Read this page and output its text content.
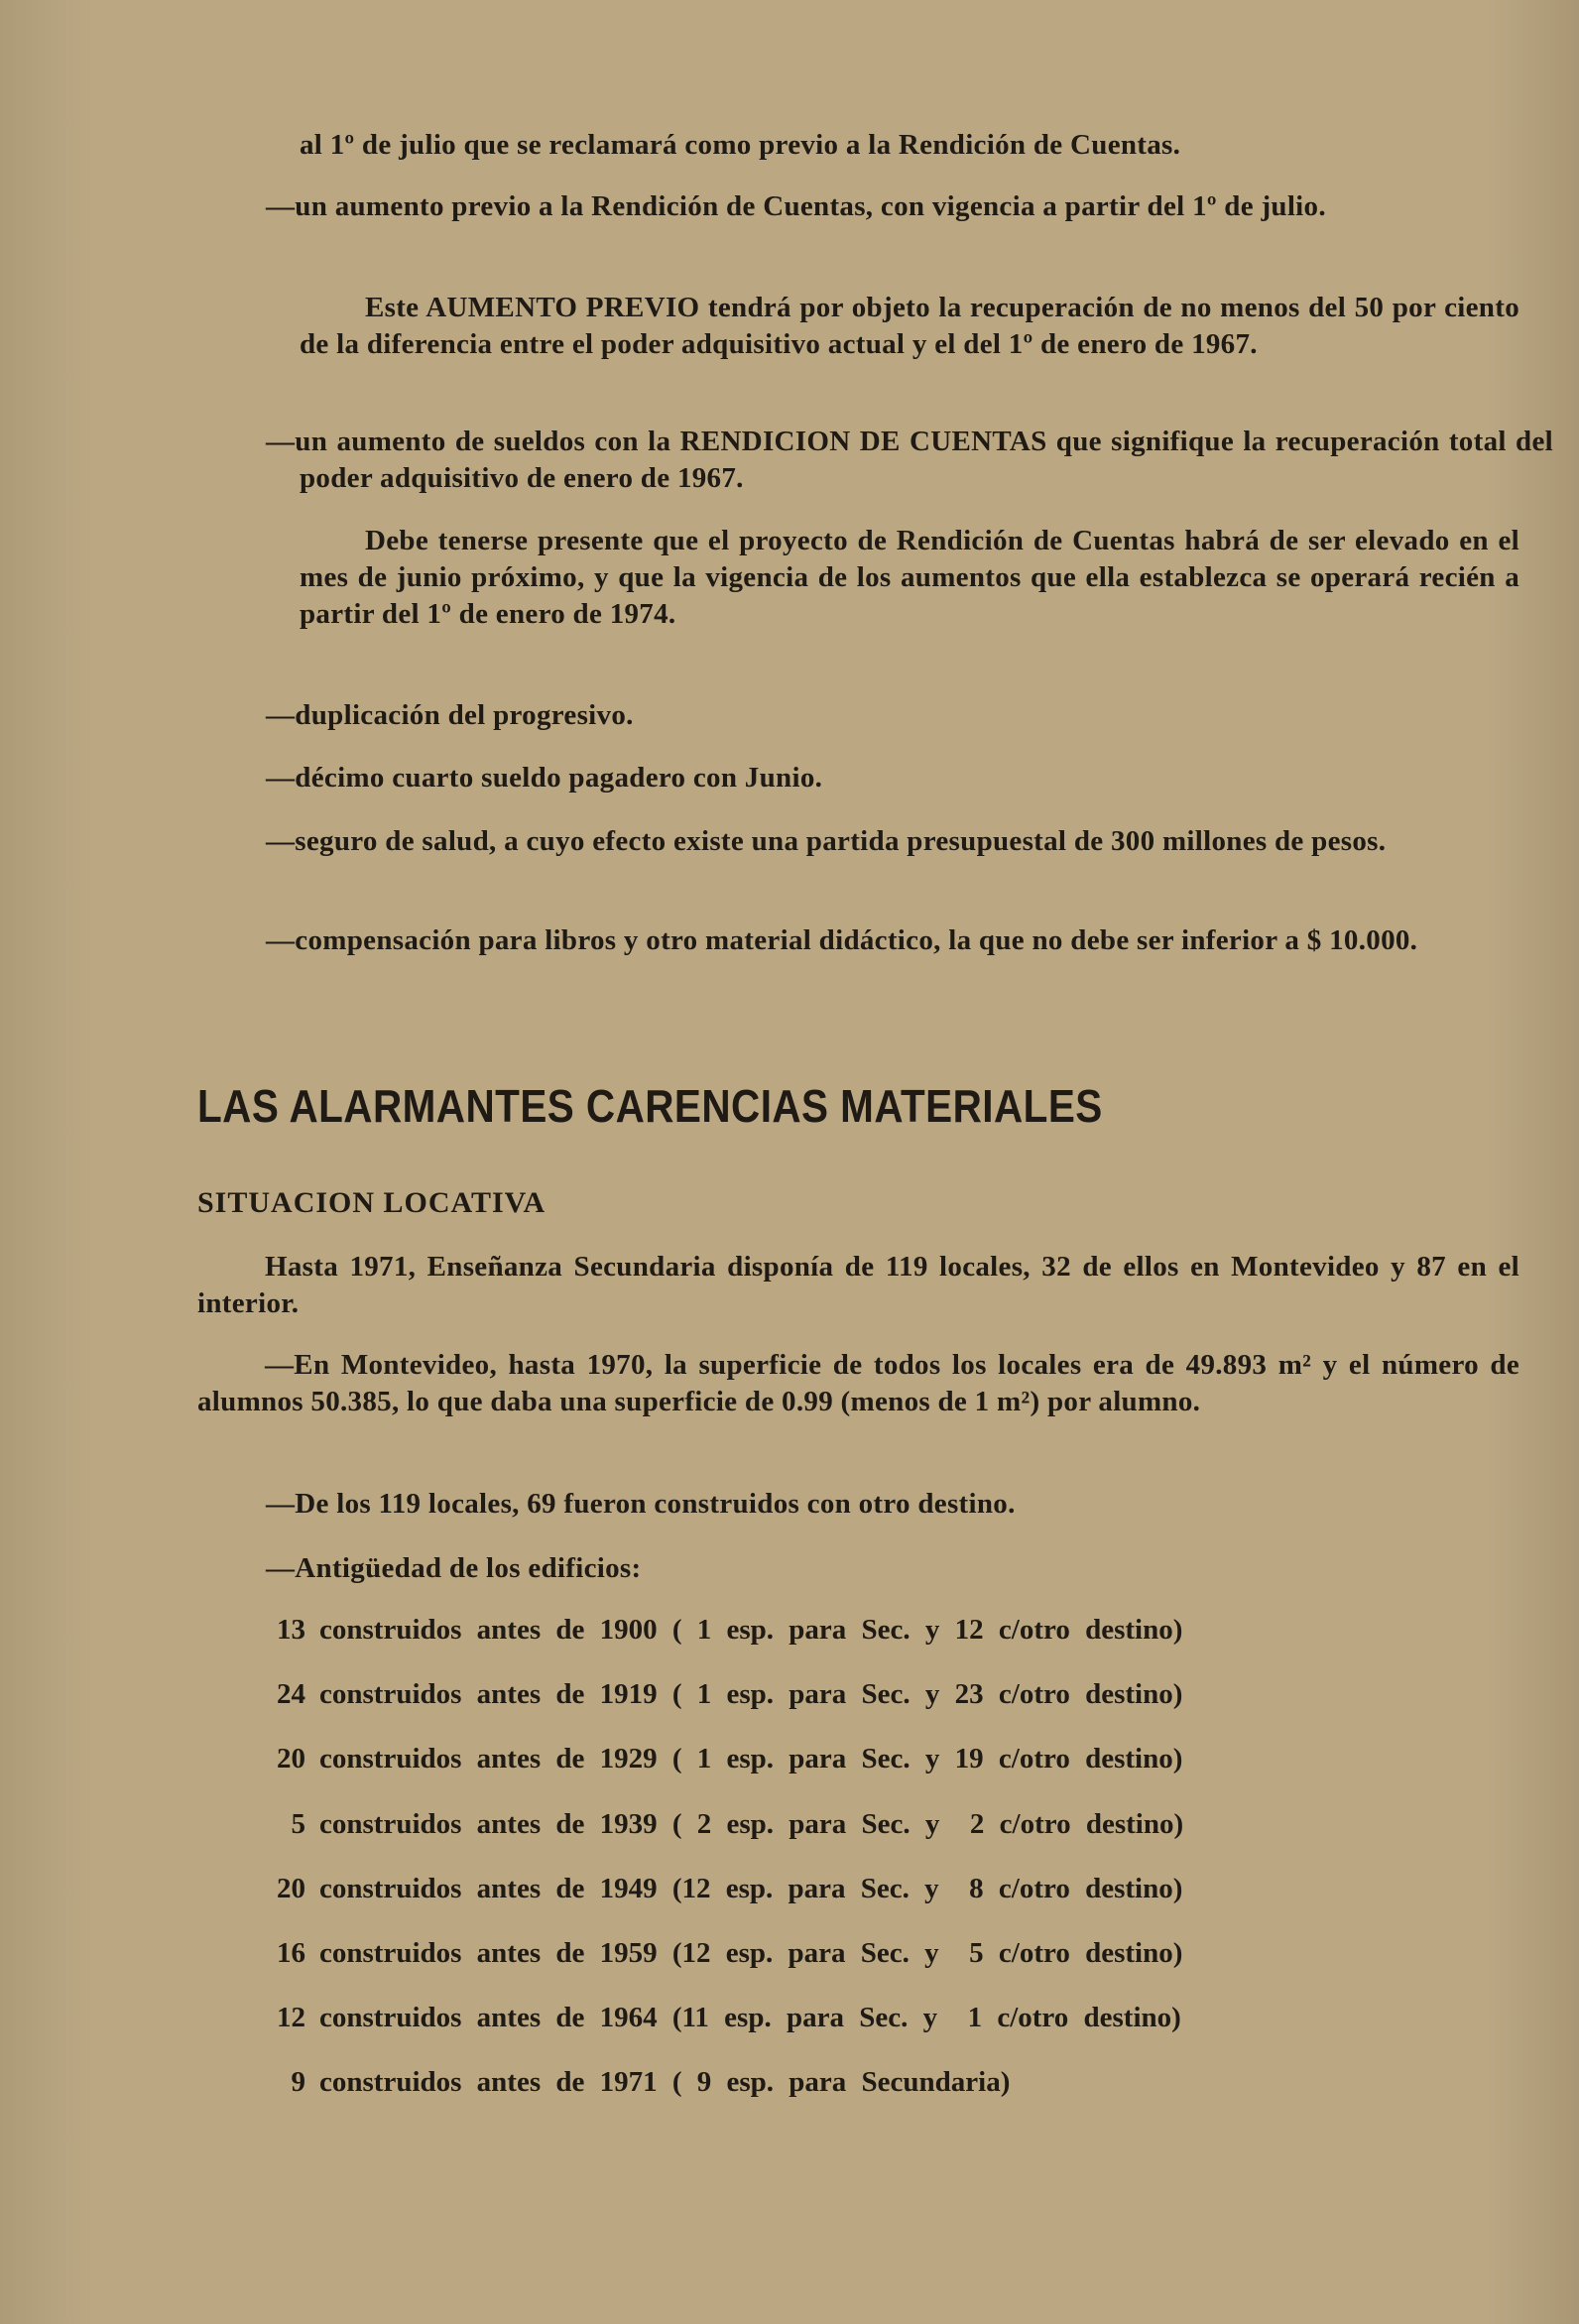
al 1º de julio que se reclamará como previo a la Rendición de Cuentas.
—un aumento previo a la Rendición de Cuentas, con vigencia a partir del 1º de julio.
Este AUMENTO PREVIO tendrá por objeto la recuperación de no menos del 50 por ciento de la diferencia entre el poder adquisitivo actual y el del 1º de enero de 1967.
—un aumento de sueldos con la RENDICION DE CUENTAS que signifique la recuperación total del poder adquisitivo de enero de 1967.
Debe tenerse presente que el proyecto de Rendición de Cuentas habrá de ser elevado en el mes de junio próximo, y que la vigencia de los aumentos que ella establezca se operará recién a partir del 1º de enero de 1974.
—duplicación del progresivo.
—décimo cuarto sueldo pagadero con Junio.
—seguro de salud, a cuyo efecto existe una partida presupuestal de 300 millones de pesos.
—compensación para libros y otro material didáctico, la que no debe ser inferior a $ 10.000.
LAS ALARMANTES CARENCIAS MATERIALES
SITUACION LOCATIVA
Hasta 1971, Enseñanza Secundaria disponía de 119 locales, 32 de ellos en Montevideo y 87 en el interior.
—En Montevideo, hasta 1970, la superficie de todos los locales era de 49.893 m² y el número de alumnos 50.385, lo que daba una superficie de 0.99 (menos de 1 m²) por alumno.
—De los 119 locales, 69 fueron construidos con otro destino.
—Antigüedad de los edificios:
13 construidos antes de 1900 ( 1 esp. para Sec. y 12 c/otro destino)
24 construidos antes de 1919 ( 1 esp. para Sec. y 23 c/otro destino)
20 construidos antes de 1929 ( 1 esp. para Sec. y 19 c/otro destino)
5 construidos antes de 1939 ( 2 esp. para Sec. y  2 c/otro destino)
20 construidos antes de 1949 (12 esp. para Sec. y  8 c/otro destino)
16 construidos antes de 1959 (12 esp. para Sec. y  5 c/otro destino)
12 construidos antes de 1964 (11 esp. para Sec. y  1 c/otro destino)
9 construidos antes de 1971 ( 9 esp. para Secundaria)
